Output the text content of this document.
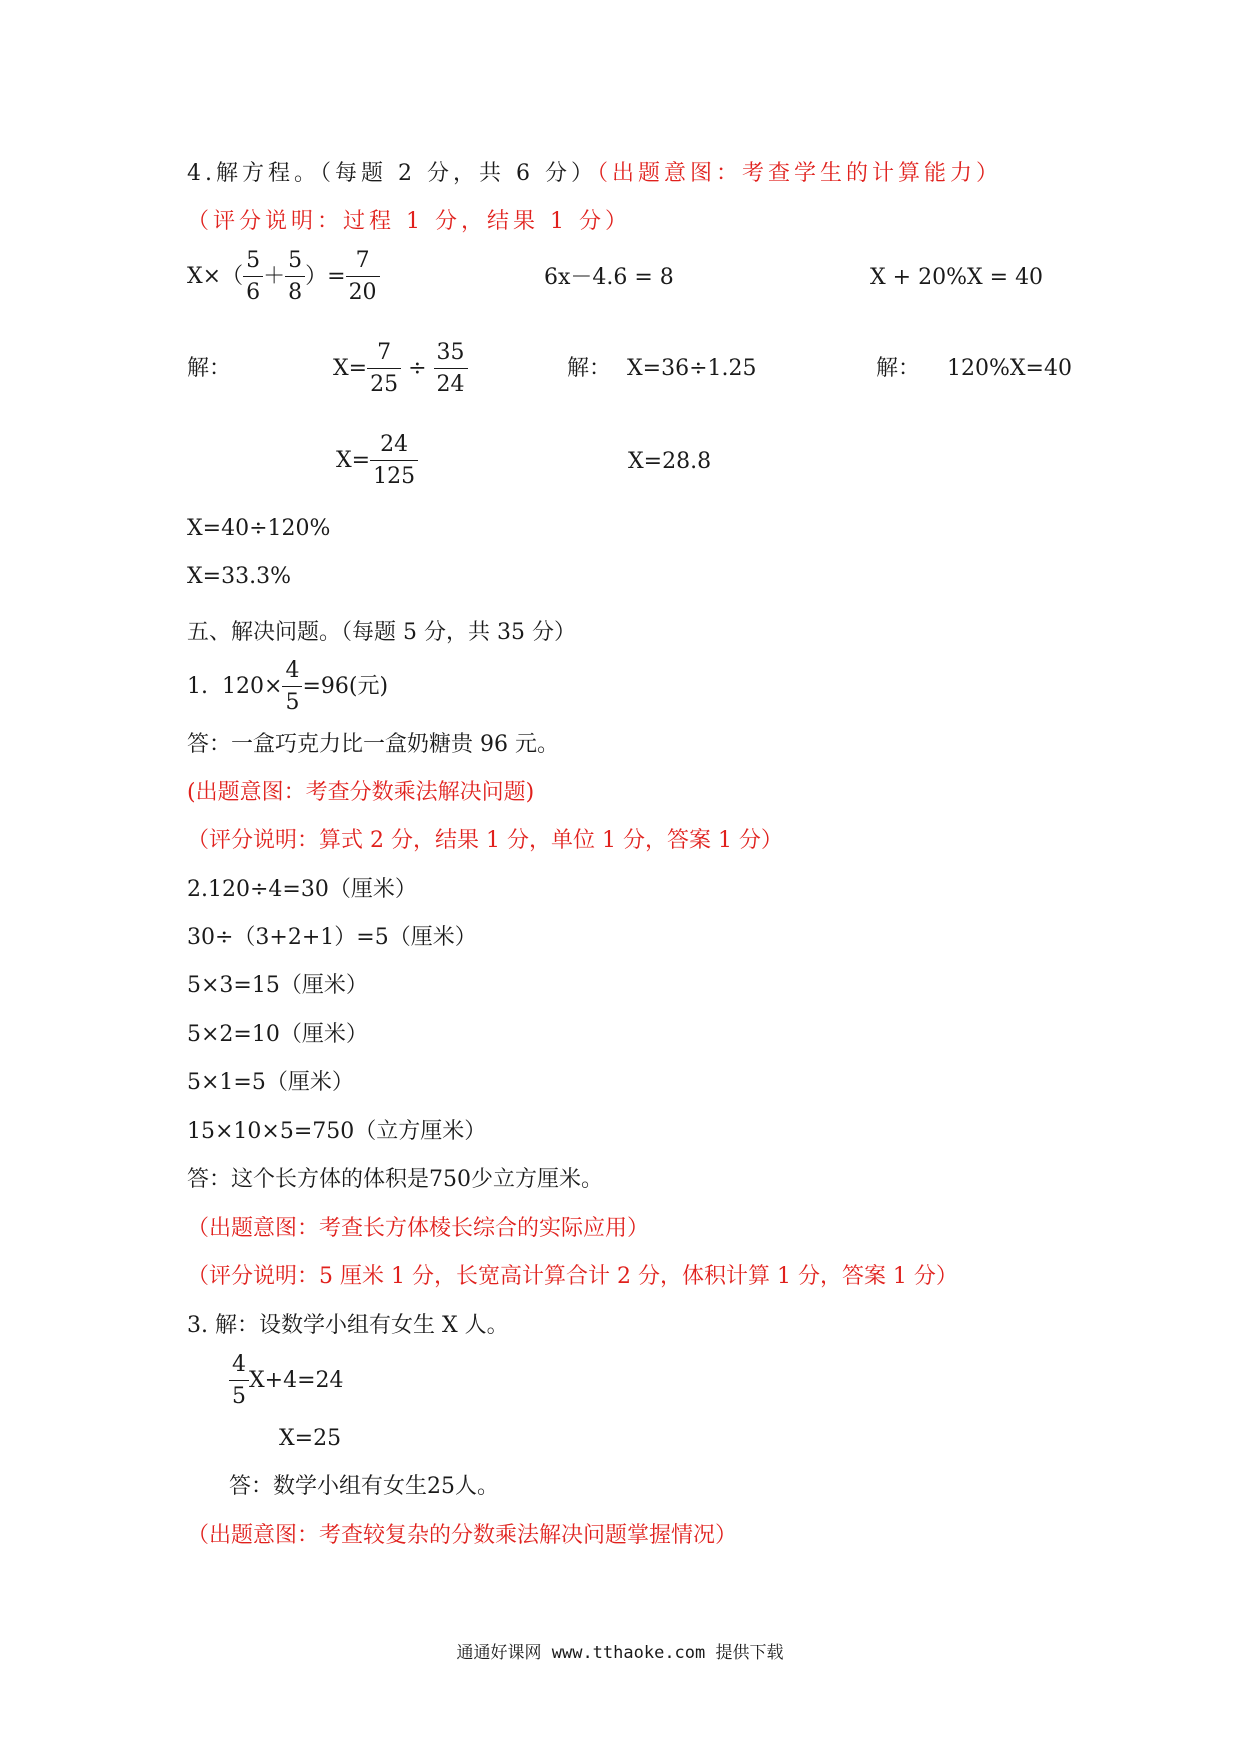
4.解方程。（每题 2 分，共 6 分）（出题意图：考查学生的计算能力）
（评分说明：过程 1 分，结果 1 分）
$X\times( \frac{5}{6} + \frac{5}{8}$ ）= $\frac{7}{20}$	6x－4.6 = 8	X + 20%X = 40
解：	$X= \frac{7}{25} \div \frac{35}{24}$	解： X=36÷1.25	解： 120%X=40
$X= \frac{24}{125}$	X=28.8
X=40÷120%
X=33.3%
五、解决问题。（每题 5 分，共 35 分）
1. $120\times \frac{4}{5} =96$(元)
答：一盒巧克力比一盒奶糖贵 96 元。
(出题意图：考查分数乘法解决问题)
（评分说明：算式 2 分，结果 1 分，单位 1 分，答案 1 分）
2.120÷4=30（厘米）
30÷（3+2+1）=5（厘米）
5×3=15（厘米）
5×2=10（厘米）
5×1=5（厘米）
15×10×5=750（立方厘米）
答：这个长方体的体积是750少立方厘米。
（出题意图：考查长方体棱长综合的实际应用）
（评分说明：5 厘米 1 分，长宽高计算合计 2 分，体积计算 1 分，答案 1 分）
3. 解：设数学小组有女生 X 人。
$\frac{4}{5} X+4=24$
X=25
答：数学小组有女生25人。
（出题意图：考查较复杂的分数乘法解决问题掌握情况）
通通好课网 www.tthaoke.com 提供下载
